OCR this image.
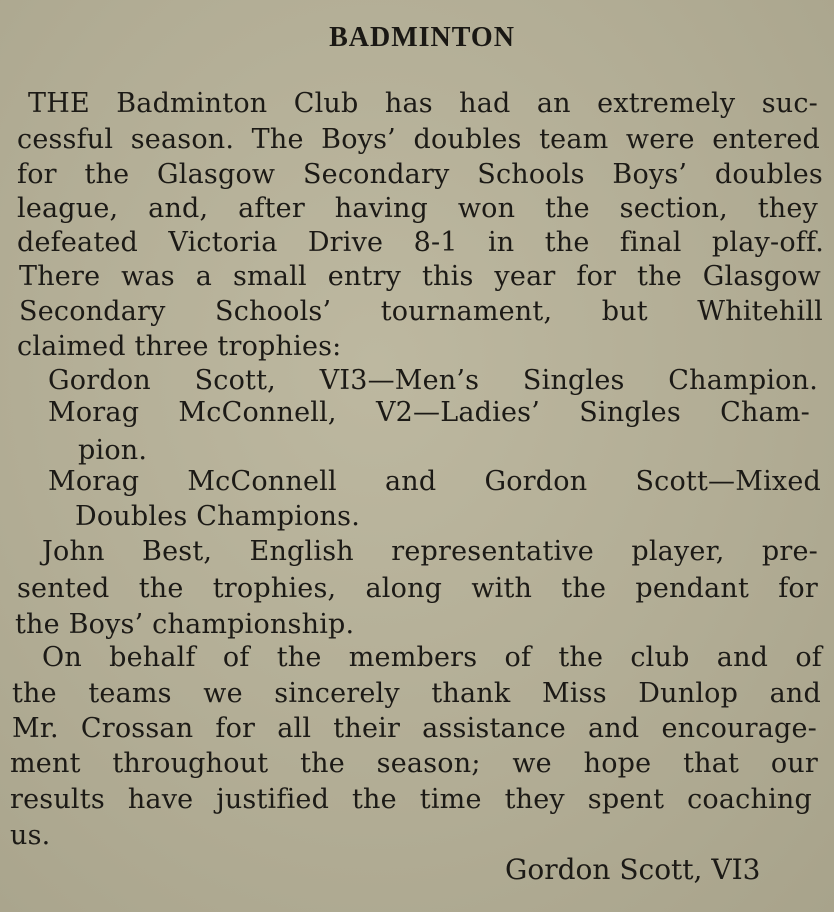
BADMINTON
THE Badminton Club has had an extremely suc-
cessful season. The Boys’ doubles team were entered
for the Glasgow Secondary Schools Boys’ doubles
league, and, after having won the section, they
defeated Victoria Drive 8-1 in the final play-off.
There was a small entry this year for the Glasgow
Secondary Schools’ tournament, but Whitehill
claimed three trophies:
Gordon Scott, VI3—Men’s Singles Champion.
Morag McConnell, V2—Ladies’ Singles Cham-
pion.
Morag McConnell and Gordon Scott—Mixed
Doubles Champions.
John Best, English representative player, pre-
sented the trophies, along with the pendant for
the Boys’ championship.
On behalf of the members of the club and of
the teams we sincerely thank Miss Dunlop and
Mr. Crossan for all their assistance and encourage-
ment throughout the season; we hope that our
results have justified the time they spent coaching
us.
Gordon Scott, VI3
